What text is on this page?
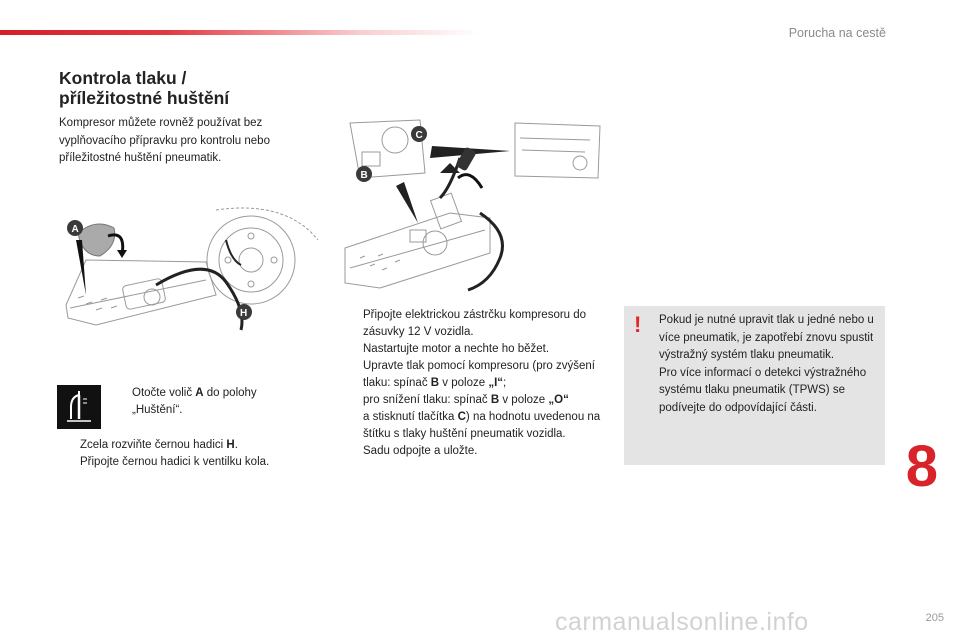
Porucha na cestě
Kontrola tlaku /
příležitostné huštění

Kompresor můžete rovněž používat bez vyplňovacího přípravku pro kontrolu nebo příležitostné huštění pneumatik.

A
H
C
B
Otočte volič A do polohy „Huštění“.
Zcela rozviňte černou hadici H.
Připojte černou hadici k ventilku kola.
Připojte elektrickou zástrčku kompresoru do zásuvky 12 V vozidla.
Nastartujte motor a nechte ho běžet.
Upravte tlak pomocí kompresoru (pro zvýšení tlaku: spínač B v poloze „I“;
pro snížení tlaku: spínač B v poloze „O“
a stisknutí tlačítka C) na hodnotu uvedenou na štítku s tlaky huštění pneumatik vozidla.
Sadu odpojte a uložte.
! Pokud je nutné upravit tlak u jedné nebo u více pneumatik, je zapotřebí znovu spustit výstražný systém tlaku pneumatik.
Pro více informací o detekci výstražného systému tlaku pneumatik (TPWS) se podívejte do odpovídající části.
8
carmanualsonline.info	205
